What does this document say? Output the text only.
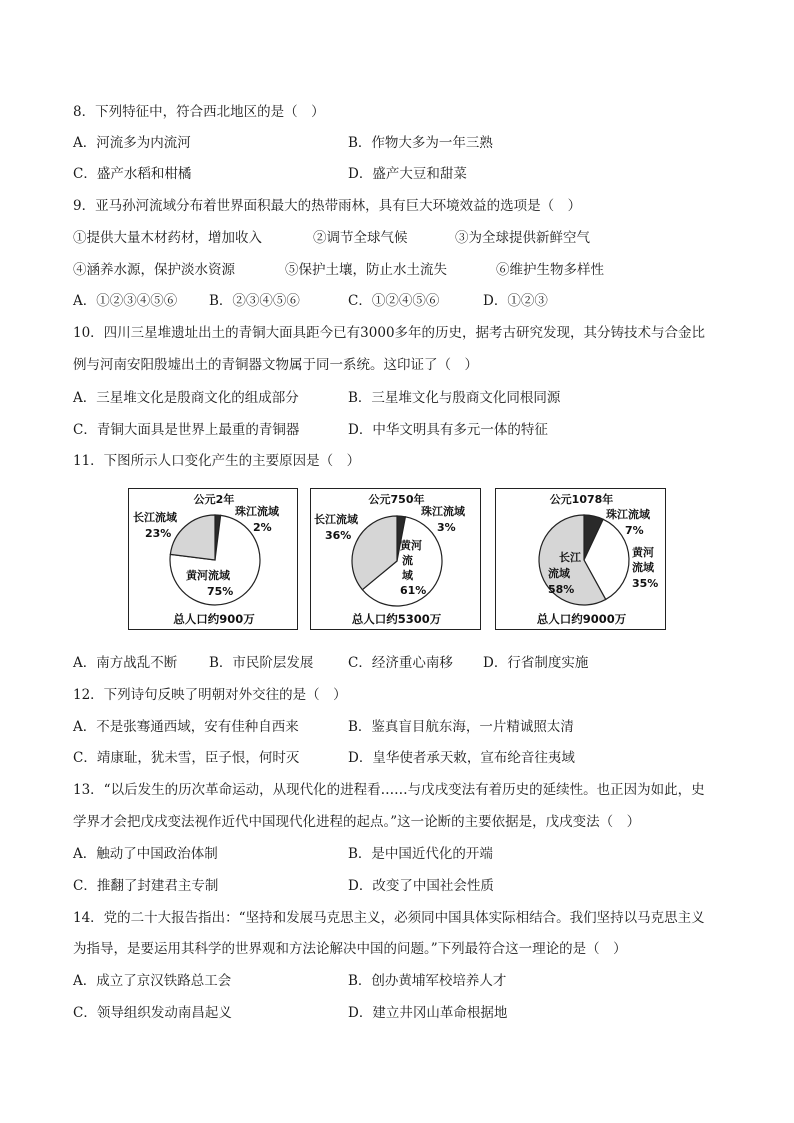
8．下列特征中，符合西北地区的是（　）
A．河流多为内流河	B．作物大多为一年三熟
C．盛产水稻和柑橘	D．盛产大豆和甜菜
9．亚马孙河流域分布着世界面积最大的热带雨林，具有巨大环境效益的选项是（　）
①提供大量木材药材，增加收入	②调节全球气候	③为全球提供新鲜空气
④涵养水源，保护淡水资源	⑤保护土壤，防止水土流失	⑥维护生物多样性
A．①②③④⑤⑥ B．②③④⑤⑥	C．①②④⑤⑥	D．①②③
10．四川三星堆遗址出土的青铜大面具距今已有3000多年的历史，据考古研究发现，其分铸技术与合金比
例与河南安阳殷墟出土的青铜器文物属于同一系统。这印证了（　）
A．三星堆文化是殷商文化的组成部分	B．三星堆文化与殷商文化同根同源
C．青铜大面具是世界上最重的青铜器	D．中华文明具有多元一体的特征
11．下图所示人口变化产生的主要原因是（　）
公元2年
黄河流域
75%
长江流域
23%
珠江流域
2%
总人口约900万
公元750年
黄河
流
域
61%
长江流域
36%
珠江流域
3%
总人口约5300万
公元1078年
黄河
流域
35%
长江
流域
58%
珠江流域
7%
总人口约9000万
A．南方战乱不断 B．市民阶层发展	C．经济重心南移 D．行省制度实施
12．下列诗句反映了明朝对外交往的是（　）
A．不是张骞通西域，安有佳种自西来	B．鉴真盲目航东海，一片精诚照太清
C．靖康耻，犹未雪，臣子恨，何时灭	D．皇华使者承天敕，宣布纶音往夷域
13．“以后发生的历次革命运动，从现代化的进程看……与戊戌变法有着历史的延续性。也正因为如此，史
学界才会把戊戌变法视作近代中国现代化进程的起点。”这一论断的主要依据是，戊戌变法（　）
A．触动了中国政治体制	B．是中国近代化的开端
C．推翻了封建君主专制	D．改变了中国社会性质
14．党的二十大报告指出：“坚持和发展马克思主义，必须同中国具体实际相结合。我们坚持以马克思主义
为指导，是要运用其科学的世界观和方法论解决中国的问题。”下列最符合这一理论的是（　）
A．成立了京汉铁路总工会	B．创办黄埔军校培养人才
C．领导组织发动南昌起义	D．建立井冈山革命根据地
